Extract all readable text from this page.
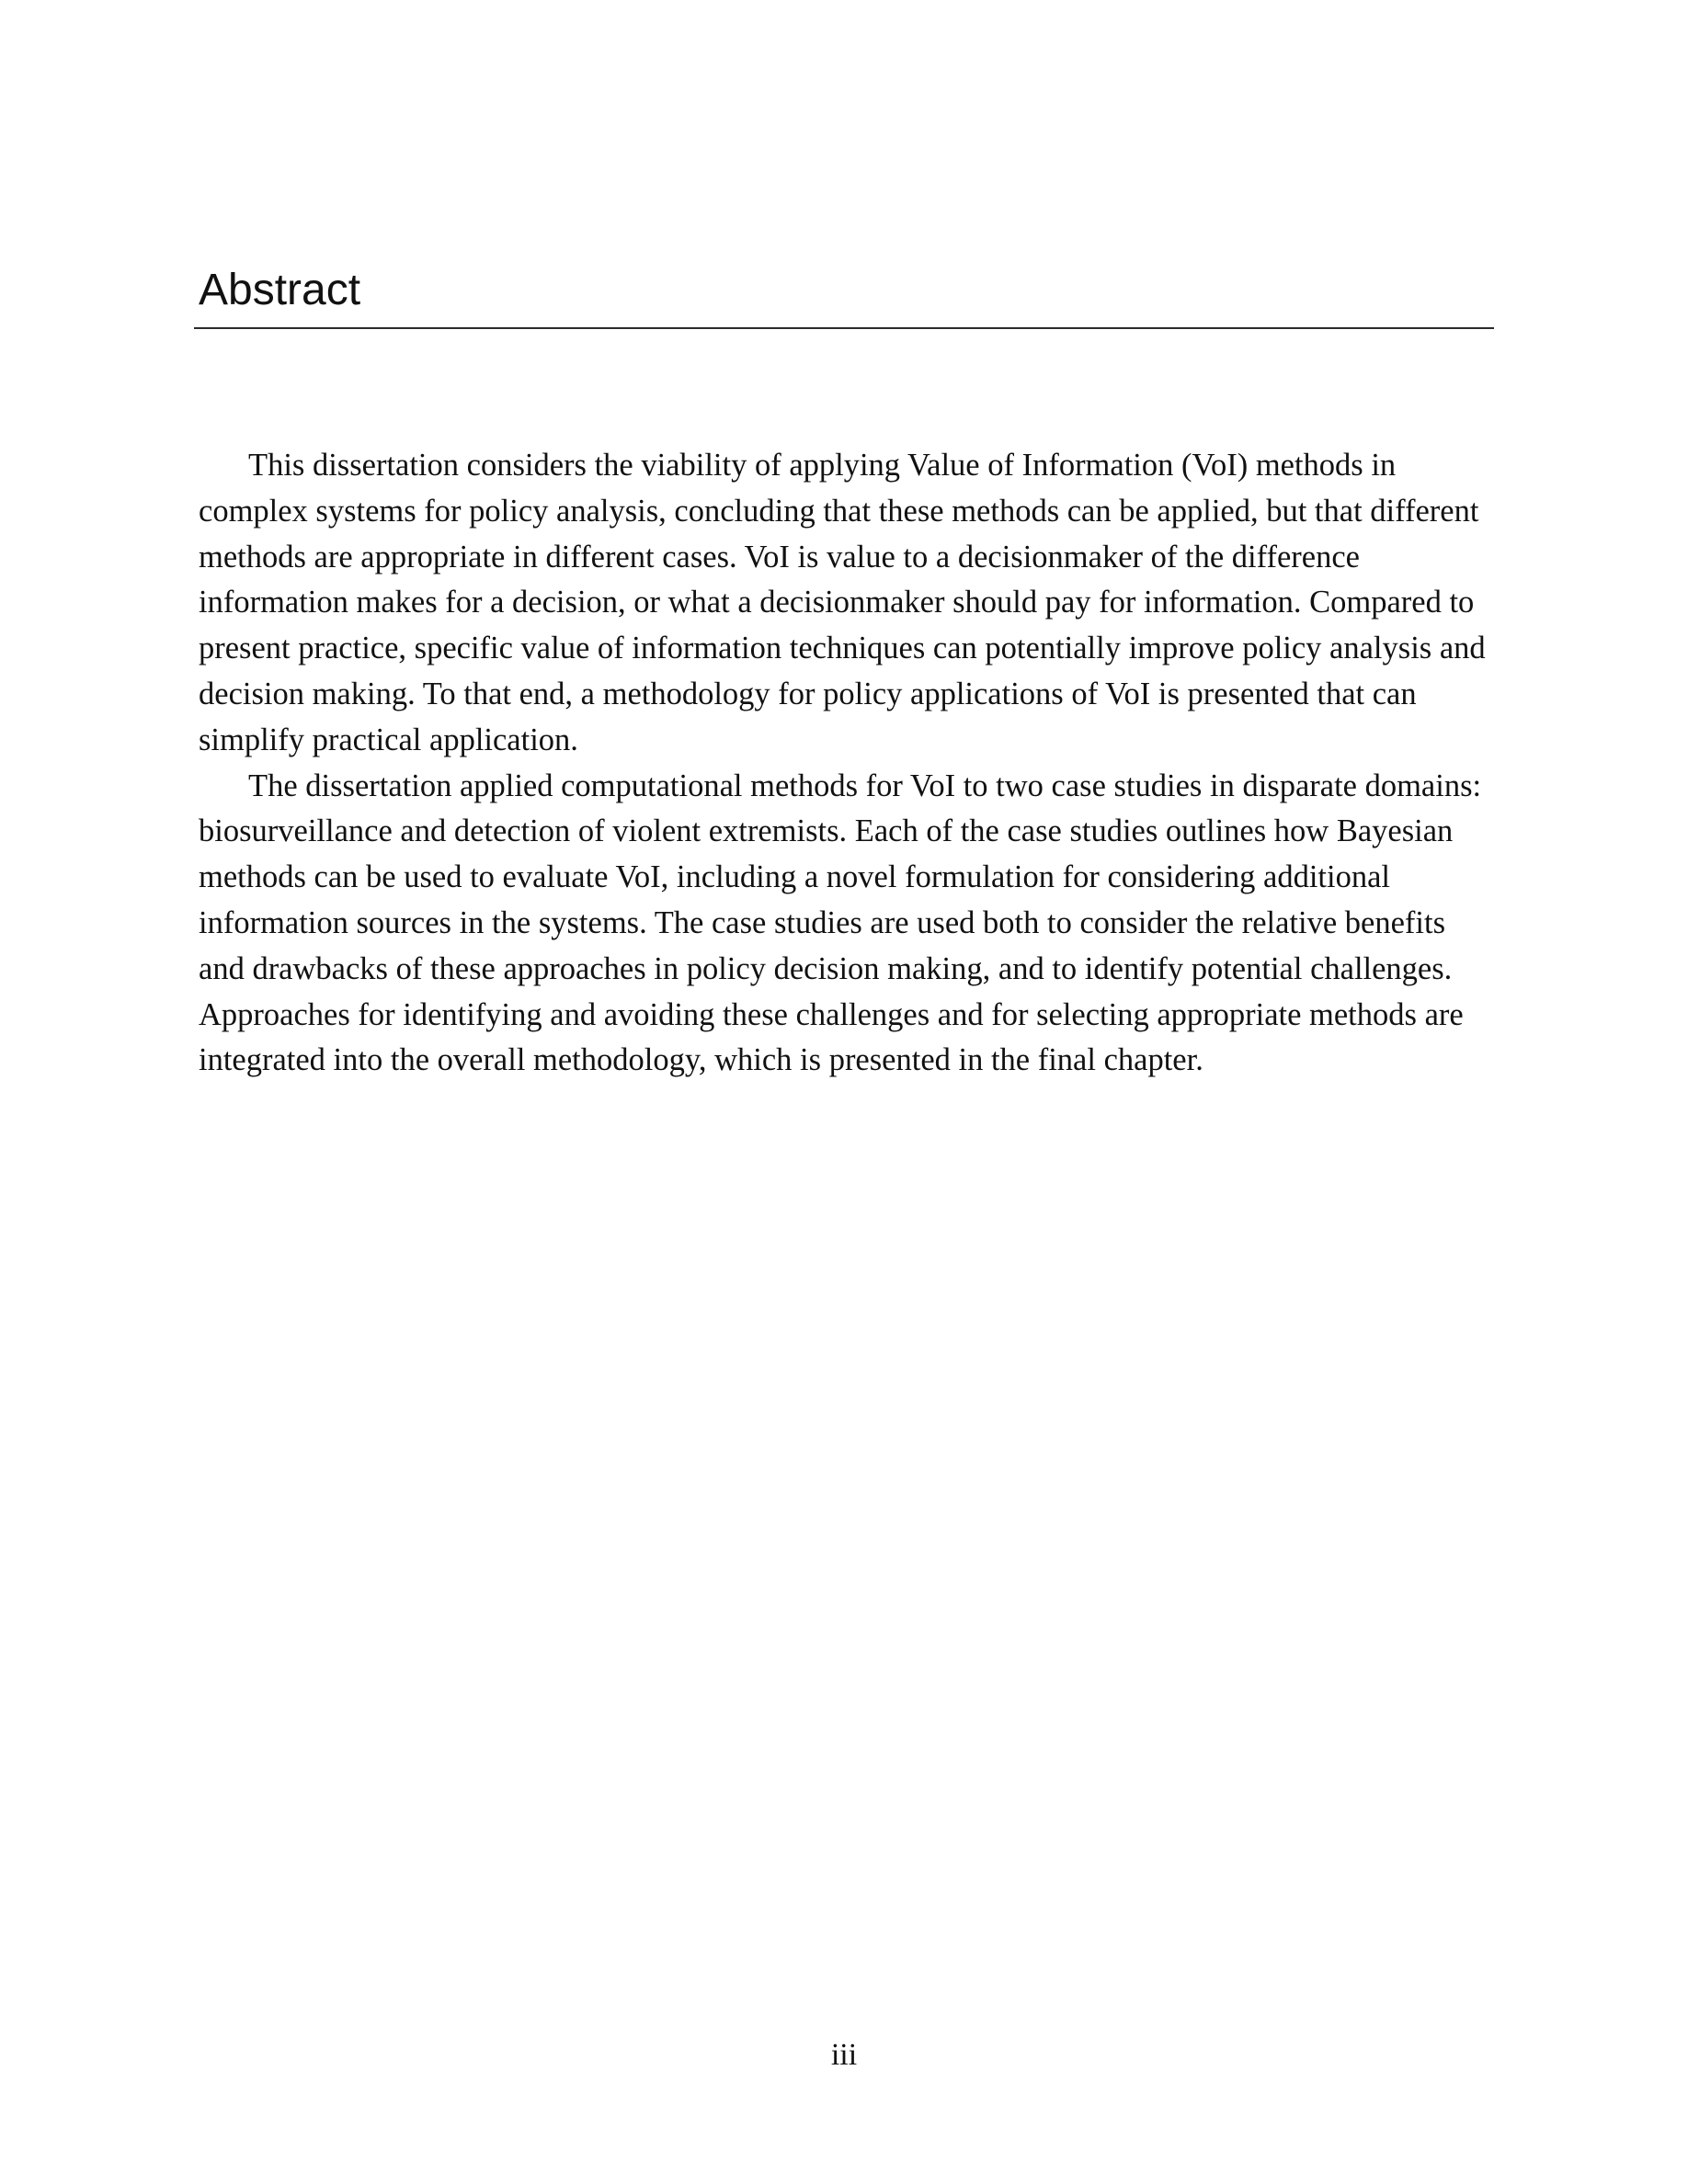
Abstract

This dissertation considers the viability of applying Value of Information (VoI) methods in complex systems for policy analysis, concluding that these methods can be applied, but that different methods are appropriate in different cases. VoI is value to a decisionmaker of the difference information makes for a decision, or what a decisionmaker should pay for information. Compared to present practice, specific value of information techniques can potentially improve policy analysis and decision making. To that end, a methodology for policy applications of VoI is presented that can simplify practical application.

The dissertation applied computational methods for VoI to two case studies in disparate domains: biosurveillance and detection of violent extremists. Each of the case studies outlines how Bayesian methods can be used to evaluate VoI, including a novel formulation for considering additional information sources in the systems. The case studies are used both to consider the relative benefits and drawbacks of these approaches in policy decision making, and to identify potential challenges. Approaches for identifying and avoiding these challenges and for selecting appropriate methods are integrated into the overall methodology, which is presented in the final chapter.

iii
